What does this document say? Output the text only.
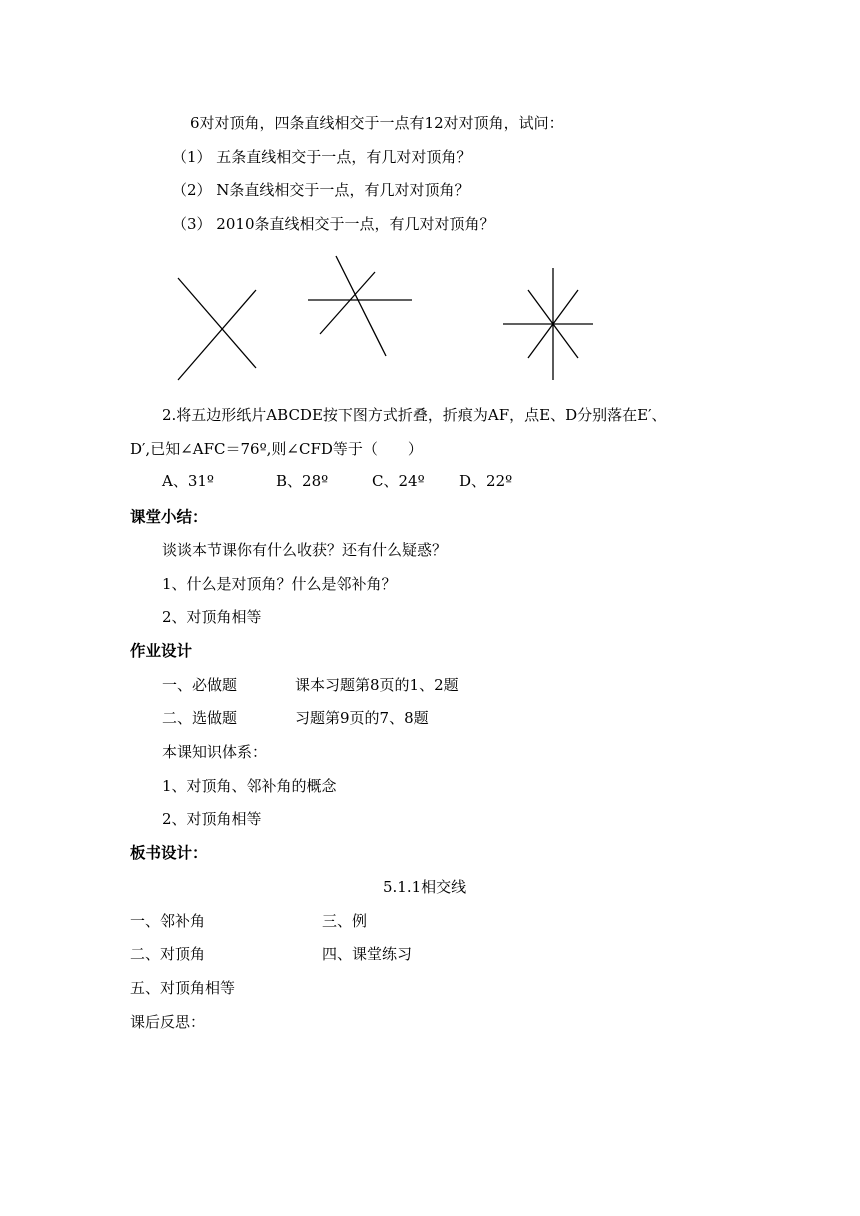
6对对顶角，四条直线相交于一点有12对对顶角，试问：
（1） 五条直线相交于一点，有几对对顶角？
（2） N条直线相交于一点，有几对对顶角？
（3） 2010条直线相交于一点，有几对对顶角？
2.将五边形纸片ABCDE按下图方式折叠，折痕为AF，点E、D分别落在E′、
D′,已知∠AFC＝76º,则∠CFD等于（　　）
A、31º	B、28º	C、24º D、22º
课堂小结：
谈谈本节课你有什么收获？还有什么疑惑？
1、什么是对顶角？什么是邻补角？
2、对顶角相等
作业设计
一、必做题	课本习题第8页的1、2题
二、选做题	习题第9页的7、8题
本课知识体系：
1、对顶角、邻补角的概念
2、对顶角相等
板书设计：
5.1.1相交线
一、邻补角	三、例
二、对顶角	四、课堂练习
五、对顶角相等
课后反思：
